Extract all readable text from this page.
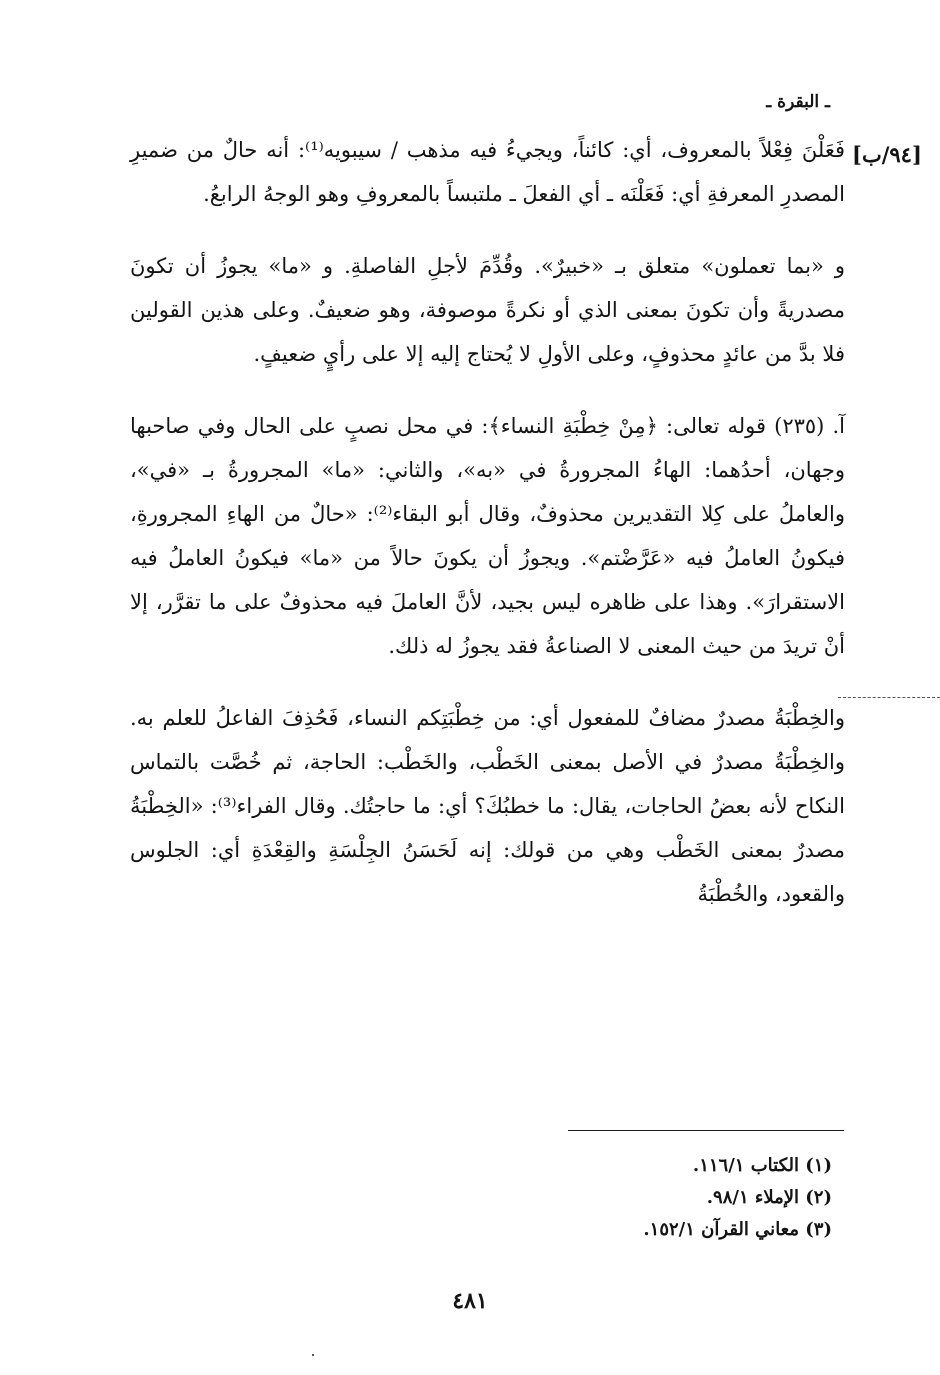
ـ البقرة ـ
[٩٤/ب]

فَعَلْنَ فِعْلاً بالمعروف، أي: كائناً، ويجيءُ فيه مذهب / سيبويه⁽¹⁾: أنه حالٌ من ضميرِ المصدرِ المعرفةِ أي: فَعَلْنَه ـ أي الفعلَ ـ ملتبساً بالمعروفِ وهو الوجهُ الرابعُ.

و «بما تعملون» متعلق بـ «خبيرٌ». وقُدِّمَ لأجلِ الفاصلةِ. و «ما» يجوزُ أن تكونَ مصدريةً وأن تكونَ بمعنى الذي أو نكرةً موصوفة، وهو ضعيفٌ. وعلى هذين القولين فلا بدَّ من عائدٍ محذوفٍ، وعلى الأولِ لا يُحتاج إليه إلا على رأيٍ ضعيفٍ.

آ. (٢٣٥) قوله تعالى: ﴿مِنْ خِطْبَةِ النساء﴾: في محل نصبٍ على الحال وفي صاحبها وجهان، أحدُهما: الهاءُ المجرورةُ في «به»، والثاني: «ما» المجرورةُ بـ «في»، والعاملُ على كِلا التقديرين محذوفٌ، وقال أبو البقاء⁽²⁾: «حالٌ من الهاءِ المجرورةِ، فيكونُ العاملُ فيه «عَرَّضْتم». ويجوزُ أن يكونَ حالاً من «ما» فيكونُ العاملُ فيه الاستقرارَ». وهذا على ظاهره ليس بجيد، لأنَّ العاملَ فيه محذوفٌ على ما تقرَّر، إلا أنْ تريدَ من حيث المعنى لا الصناعةُ فقد يجوزُ له ذلك.

والخِطْبَةُ مصدرٌ مضافٌ للمفعول أي: من خِطْبَتِكم النساء، فَحُذِفَ الفاعلُ للعلم به. والخِطْبَةُ مصدرٌ في الأصل بمعنى الخَطْب، والخَطْب: الحاجة، ثم خُصَّت بالتماس النكاح لأنه بعضُ الحاجات، يقال: ما خطبُكَ؟ أي: ما حاجتُك. وقال الفراء⁽³⁾: «الخِطْبَةُ مصدرٌ بمعنى الخَطْب وهي من قولك: إنه لَحَسَنُ الجِلْسَةِ والقِعْدَةِ أي: الجلوس والقعود، والخُطْبَةُ

(١) الكتاب ١١٦/١.
(٢) الإملاء ٩٨/١.
(٣) معاني القرآن ١٥٢/١.
٤٨١
